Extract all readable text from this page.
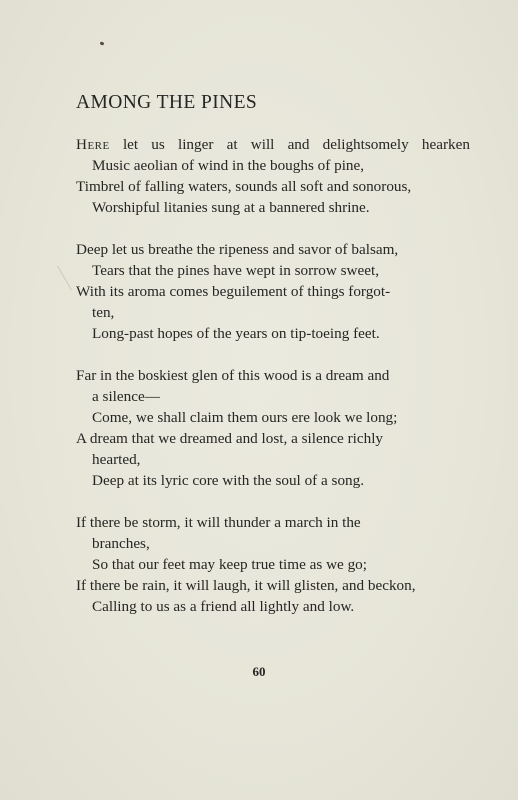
AMONG THE PINES
Here let us linger at will and delightsomely hearken
Music aeolian of wind in the boughs of pine,
Timbrel of falling waters, sounds all soft and sonorous,
Worshipful litanies sung at a bannered shrine.
Deep let us breathe the ripeness and savor of balsam,
Tears that the pines have wept in sorrow sweet,
With its aroma comes beguilement of things forgot-
ten,
Long-past hopes of the years on tip-toeing feet.
Far in the boskiest glen of this wood is a dream and
a silence—
Come, we shall claim them ours ere look we long;
A dream that we dreamed and lost, a silence richly
hearted,
Deep at its lyric core with the soul of a song.
If there be storm, it will thunder a march in the
branches,
So that our feet may keep true time as we go;
If there be rain, it will laugh, it will glisten, and beckon,
Calling to us as a friend all lightly and low.
60
